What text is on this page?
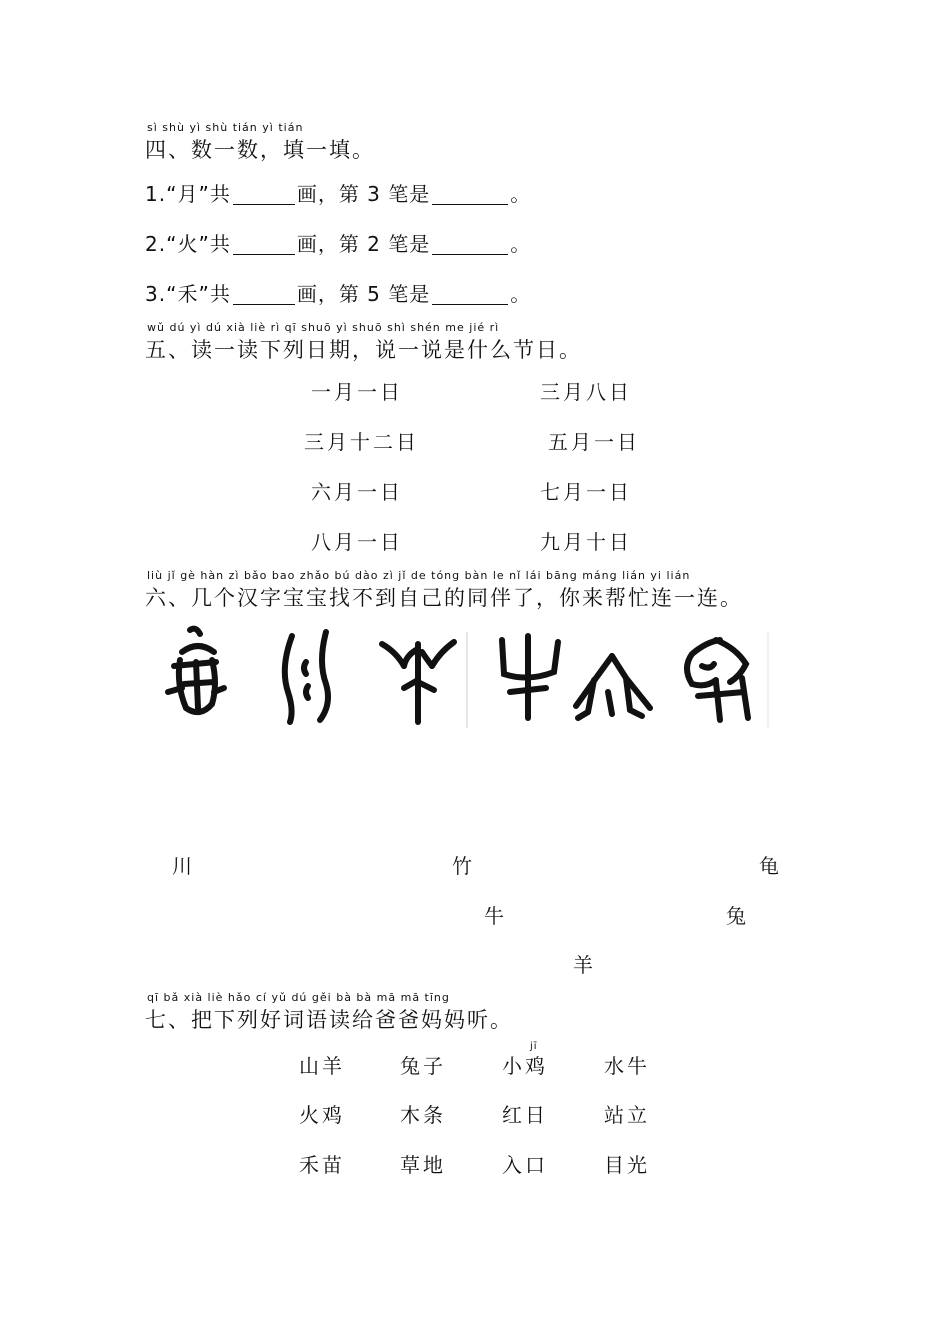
sì shù yì shù tián yì tián
四、数一数，填一填。
1.“月”共	画，第 3 笔是	。
2.“火”共	画，第 2 笔是	。
3.“禾”共	画，第 5 笔是	。
wǔ dú yì dú xià liè rì qī shuō yì shuō shì shén me jié rì
五、读一读下列日期，说一说是什么节日。
一月一日	三月八日
三月十二日	五月一日
六月一日	七月一日
八月一日	九月十日
liù jǐ gè hàn zì bǎo bao zhǎo bú dào zì jǐ de tóng bàn le nǐ lái bāng máng lián yi lián
六、几个汉字宝宝找不到自己的同伴了，你来帮忙连一连。
川	竹	龟
牛	兔
羊
qī bǎ xià liè hǎo cí yǔ dú gěi bà bà mā mā tīng
七、把下列好词语读给爸爸妈妈听。
jī
山羊	兔子	小鸡	水牛
火鸡	木条	红日	站立
禾苗	草地	入口	目光
